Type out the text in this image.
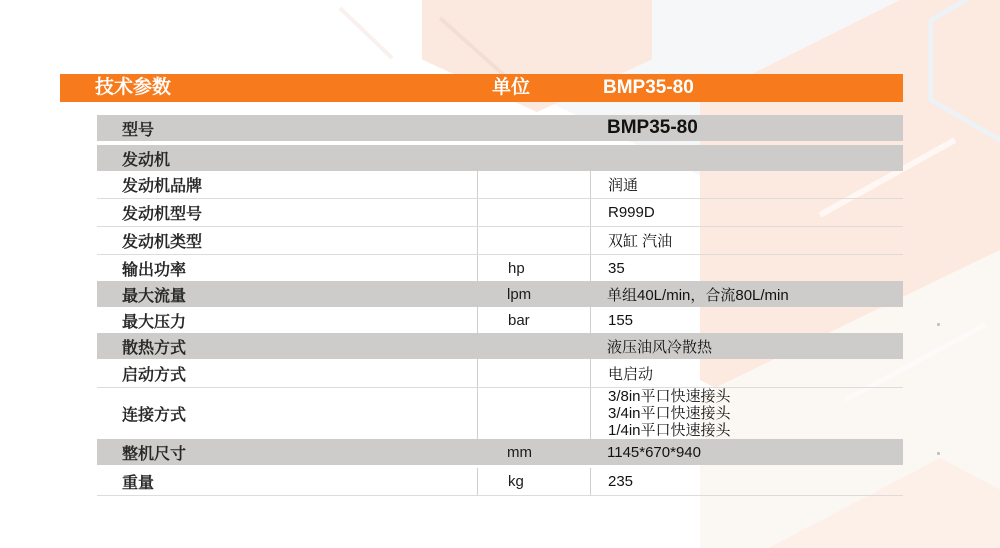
技术参数	单位	BMP35-80
型号	BMP35-80
发动机
发动机品牌	润通
发动机型号	R999D
发动机类型	双缸 汽油
输出功率	hp	35
最大流量	lpm	单组40L/min，合流80L/min
最大压力	bar	155
散热方式	液压油风冷散热
启动方式	电启动
连接方式
3/8in平口快速接头
3/4in平口快速接头
1/4in平口快速接头
整机尺寸	mm	1145*670*940
重量	kg	235
